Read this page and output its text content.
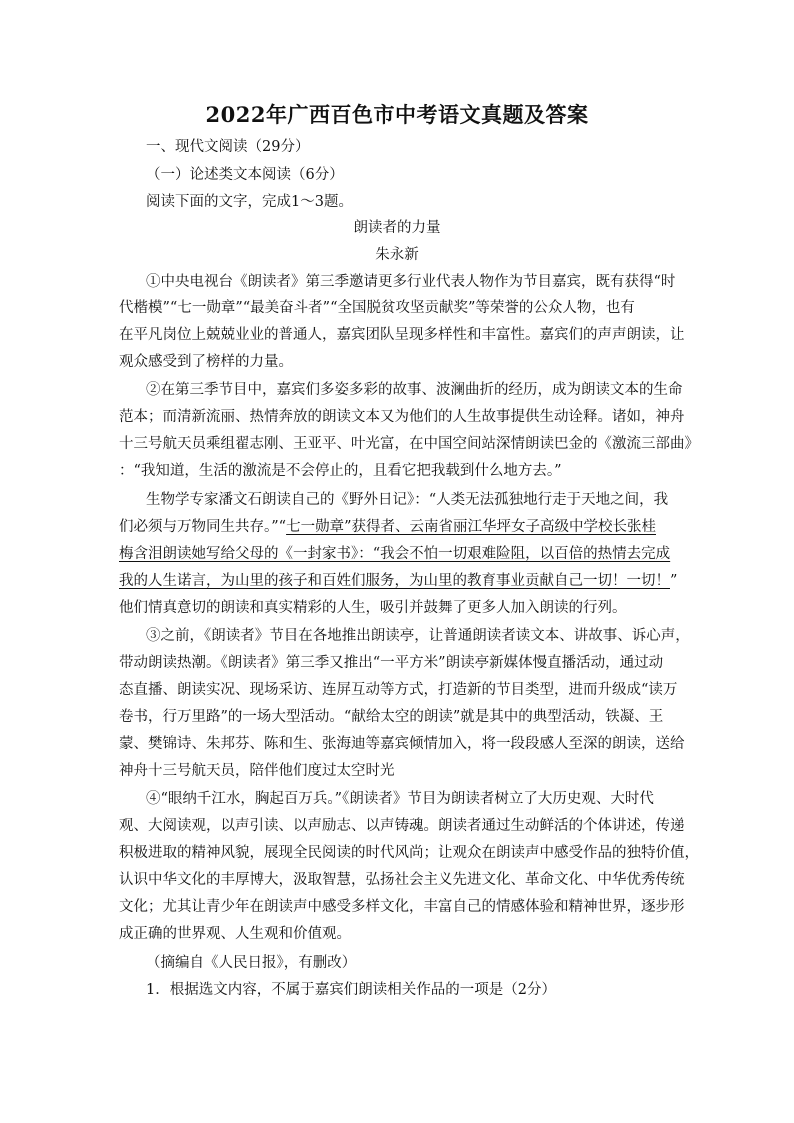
2022年广西百色市中考语文真题及答案
一、现代文阅读（29分）
（一）论述类文本阅读（6分）
阅读下面的文字，完成1～3题。
朗读者的力量
朱永新
①中央电视台《朗读者》第三季邀请更多行业代表人物作为节目嘉宾，既有获得“时
代楷模”“七一勋章”“最美奋斗者”“全国脱贫攻坚贡献奖”等荣誉的公众人物，也有
在平凡岗位上兢兢业业的普通人，嘉宾团队呈现多样性和丰富性。嘉宾们的声声朗读，让
观众感受到了榜样的力量。
②在第三季节目中，嘉宾们多姿多彩的故事、波澜曲折的经历，成为朗读文本的生命
范本；而清新流丽、热情奔放的朗读文本又为他们的人生故事提供生动诠释。诸如，神舟
十三号航天员乘组翟志刚、王亚平、叶光富，在中国空间站深情朗读巴金的《激流三部曲》
：“我知道，生活的激流是不会停止的，且看它把我载到什么地方去。”
生物学专家潘文石朗读自己的《野外日记》：“人类无法孤独地行走于天地之间，我
们必须与万物同生共存。”“七一勋章”获得者、云南省丽江华坪女子高级中学校长张桂
梅含泪朗读她写给父母的《一封家书》：“我会不怕一切艰难险阻，以百倍的热情去完成
我的人生诺言，为山里的孩子和百姓们服务，为山里的教育事业贡献自己一切！一切！”
他们情真意切的朗读和真实精彩的人生，吸引并鼓舞了更多人加入朗读的行列。
③之前，《朗读者》节目在各地推出朗读亭，让普通朗读者读文本、讲故事、诉心声，
带动朗读热潮。《朗读者》第三季又推出“一平方米”朗读亭新媒体慢直播活动，通过动
态直播、朗读实况、现场采访、连屏互动等方式，打造新的节目类型，进而升级成“读万
卷书，行万里路”的一场大型活动。“献给太空的朗读”就是其中的典型活动，铁凝、王
蒙、樊锦诗、朱邦芬、陈和生、张海迪等嘉宾倾情加入，将一段段感人至深的朗读，送给
神舟十三号航天员，陪伴他们度过太空时光
④“眼纳千江水，胸起百万兵。”《朗读者》节目为朗读者树立了大历史观、大时代
观、大阅读观，以声引读、以声励志、以声铸魂。朗读者通过生动鲜活的个体讲述，传递
积极进取的精神风貌，展现全民阅读的时代风尚；让观众在朗读声中感受作品的独特价值，
认识中华文化的丰厚博大，汲取智慧，弘扬社会主义先进文化、革命文化、中华优秀传统
文化；尤其让青少年在朗读声中感受多样文化，丰富自己的情感体验和精神世界，逐步形
成正确的世界观、人生观和价值观。
（摘编自《人民日报》，有删改）
1．根据选文内容，不属于嘉宾们朗读相关作品的一项是（2分）
